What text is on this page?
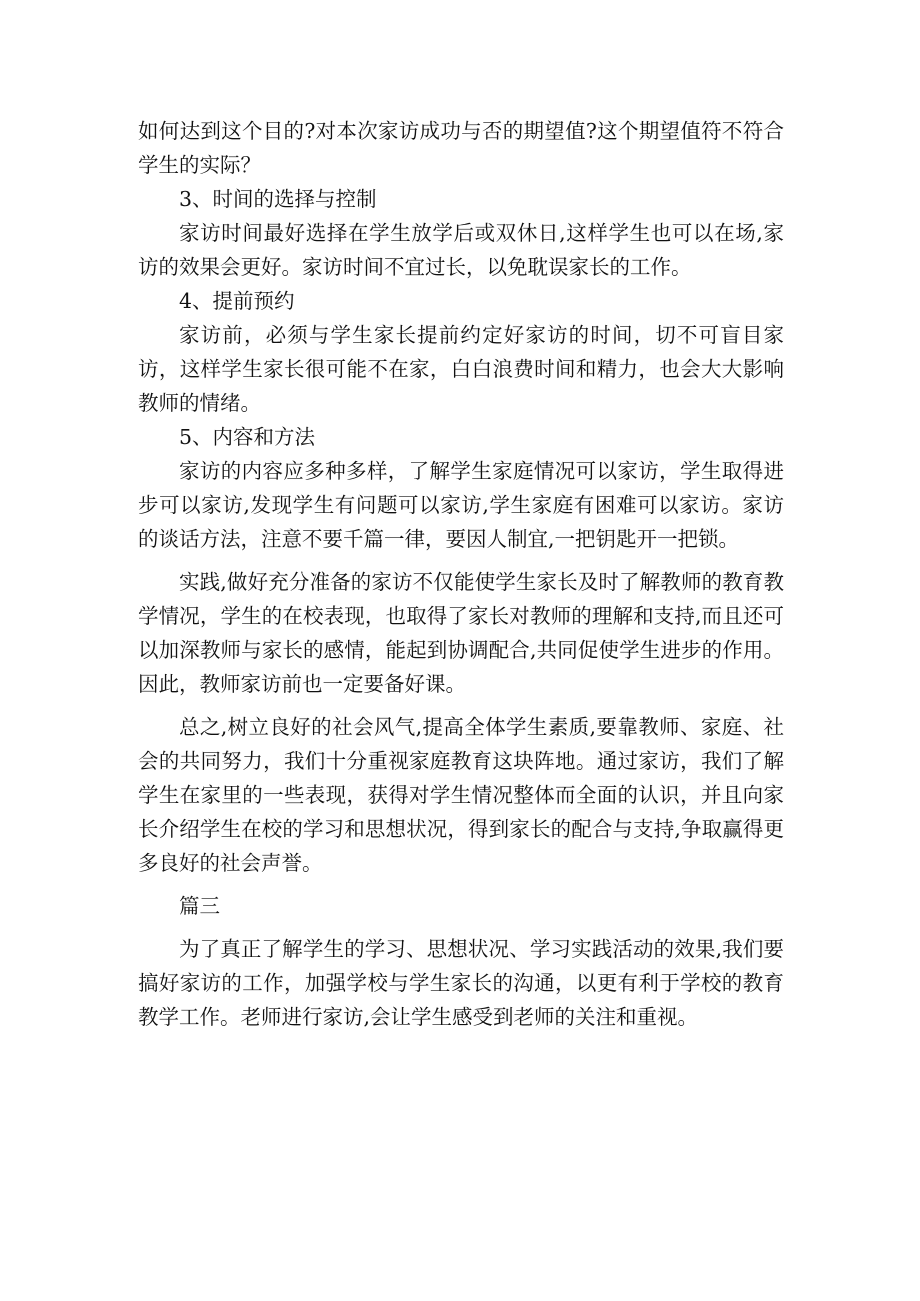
如何达到这个目的?对本次家访成功与否的期望值?这个期望值符不符合学生的实际？

3、时间的选择与控制

家访时间最好选择在学生放学后或双休日,这样学生也可以在场,家访的效果会更好。家访时间不宜过长，以免耽误家长的工作。

4、提前预约

家访前，必须与学生家长提前约定好家访的时间，切不可盲目家访，这样学生家长很可能不在家，白白浪费时间和精力，也会大大影响教师的情绪。

5、内容和方法

家访的内容应多种多样，了解学生家庭情况可以家访，学生取得进步可以家访,发现学生有问题可以家访,学生家庭有困难可以家访。家访的谈话方法，注意不要千篇一律，要因人制宜,一把钥匙开一把锁。

实践,做好充分准备的家访不仅能使学生家长及时了解教师的教育教学情况，学生的在校表现，也取得了家长对教师的理解和支持,而且还可以加深教师与家长的感情，能起到协调配合,共同促使学生进步的作用。因此，教师家访前也一定要备好课。

总之,树立良好的社会风气,提高全体学生素质,要靠教师、家庭、社会的共同努力，我们十分重视家庭教育这块阵地。通过家访，我们了解学生在家里的一些表现，获得对学生情况整体而全面的认识，并且向家长介绍学生在校的学习和思想状况，得到家长的配合与支持,争取赢得更多良好的社会声誉。

篇三

为了真正了解学生的学习、思想状况、学习实践活动的效果,我们要搞好家访的工作，加强学校与学生家长的沟通，以更有利于学校的教育教学工作。老师进行家访,会让学生感受到老师的关注和重视。
